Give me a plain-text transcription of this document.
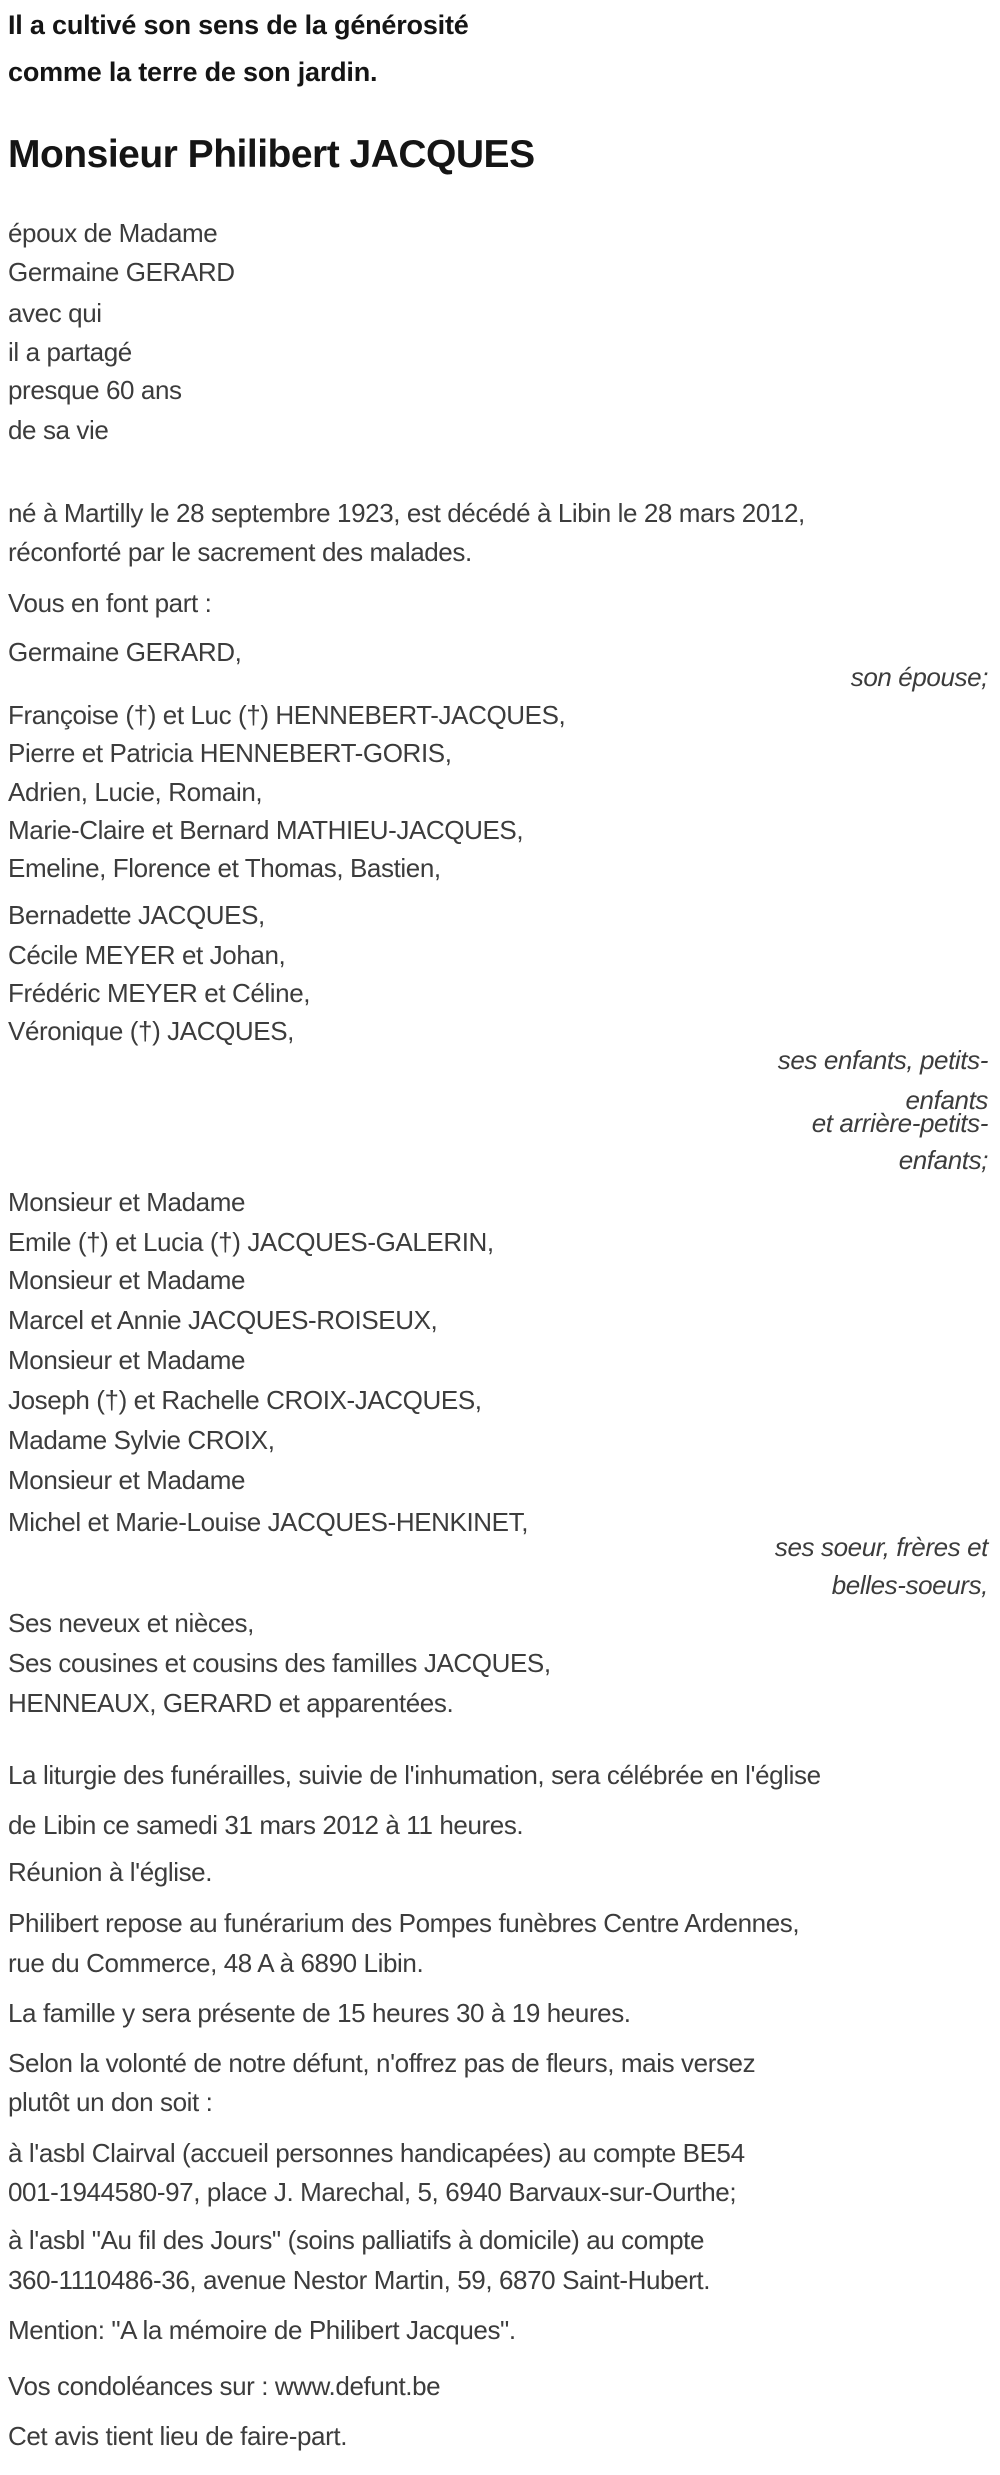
Il a cultivé son sens de la générosité
comme la terre de son jardin.
Monsieur Philibert JACQUES
époux de Madame
Germaine GERARD
avec qui
il a partagé
presque 60 ans
de sa vie
né à Martilly le 28 septembre 1923, est décédé à Libin le 28 mars 2012,
réconforté par le sacrement des malades.
Vous en font part :
Germaine GERARD,
son épouse;
Françoise (†) et Luc (†) HENNEBERT-JACQUES,
Pierre et Patricia HENNEBERT-GORIS,
Adrien, Lucie, Romain,
Marie-Claire et Bernard MATHIEU-JACQUES,
Emeline, Florence et Thomas, Bastien,
Bernadette JACQUES,
Cécile MEYER et Johan,
Frédéric MEYER et Céline,
Véronique (†) JACQUES,
ses enfants, petits-
enfants
et arrière-petits-
enfants;
Monsieur et Madame
Emile (†) et Lucia (†) JACQUES-GALERIN,
Monsieur et Madame
Marcel et Annie JACQUES-ROISEUX,
Monsieur et Madame
Joseph (†) et Rachelle CROIX-JACQUES,
Madame Sylvie CROIX,
Monsieur et Madame
Michel et Marie-Louise JACQUES-HENKINET,
ses soeur, frères et
belles-soeurs,
Ses neveux et nièces,
Ses cousines et cousins des familles JACQUES,
HENNEAUX, GERARD et apparentées.
La liturgie des funérailles, suivie de l'inhumation, sera célébrée en l'église
de Libin ce samedi 31 mars 2012 à 11 heures.
Réunion à l'église.
Philibert repose au funérarium des Pompes funèbres Centre Ardennes,
rue du Commerce, 48 A à 6890 Libin.
La famille y sera présente de 15 heures 30 à 19 heures.
Selon la volonté de notre défunt, n'offrez pas de fleurs, mais versez
plutôt un don soit :
à l'asbl Clairval (accueil personnes handicapées) au compte BE54
001-1944580-97, place J. Marechal, 5, 6940 Barvaux-sur-Ourthe;
à l'asbl "Au fil des Jours" (soins palliatifs à domicile) au compte
360-1110486-36, avenue Nestor Martin, 59, 6870 Saint-Hubert.
Mention: "A la mémoire de Philibert Jacques".
Vos condoléances sur : www.defunt.be
Cet avis tient lieu de faire-part.
